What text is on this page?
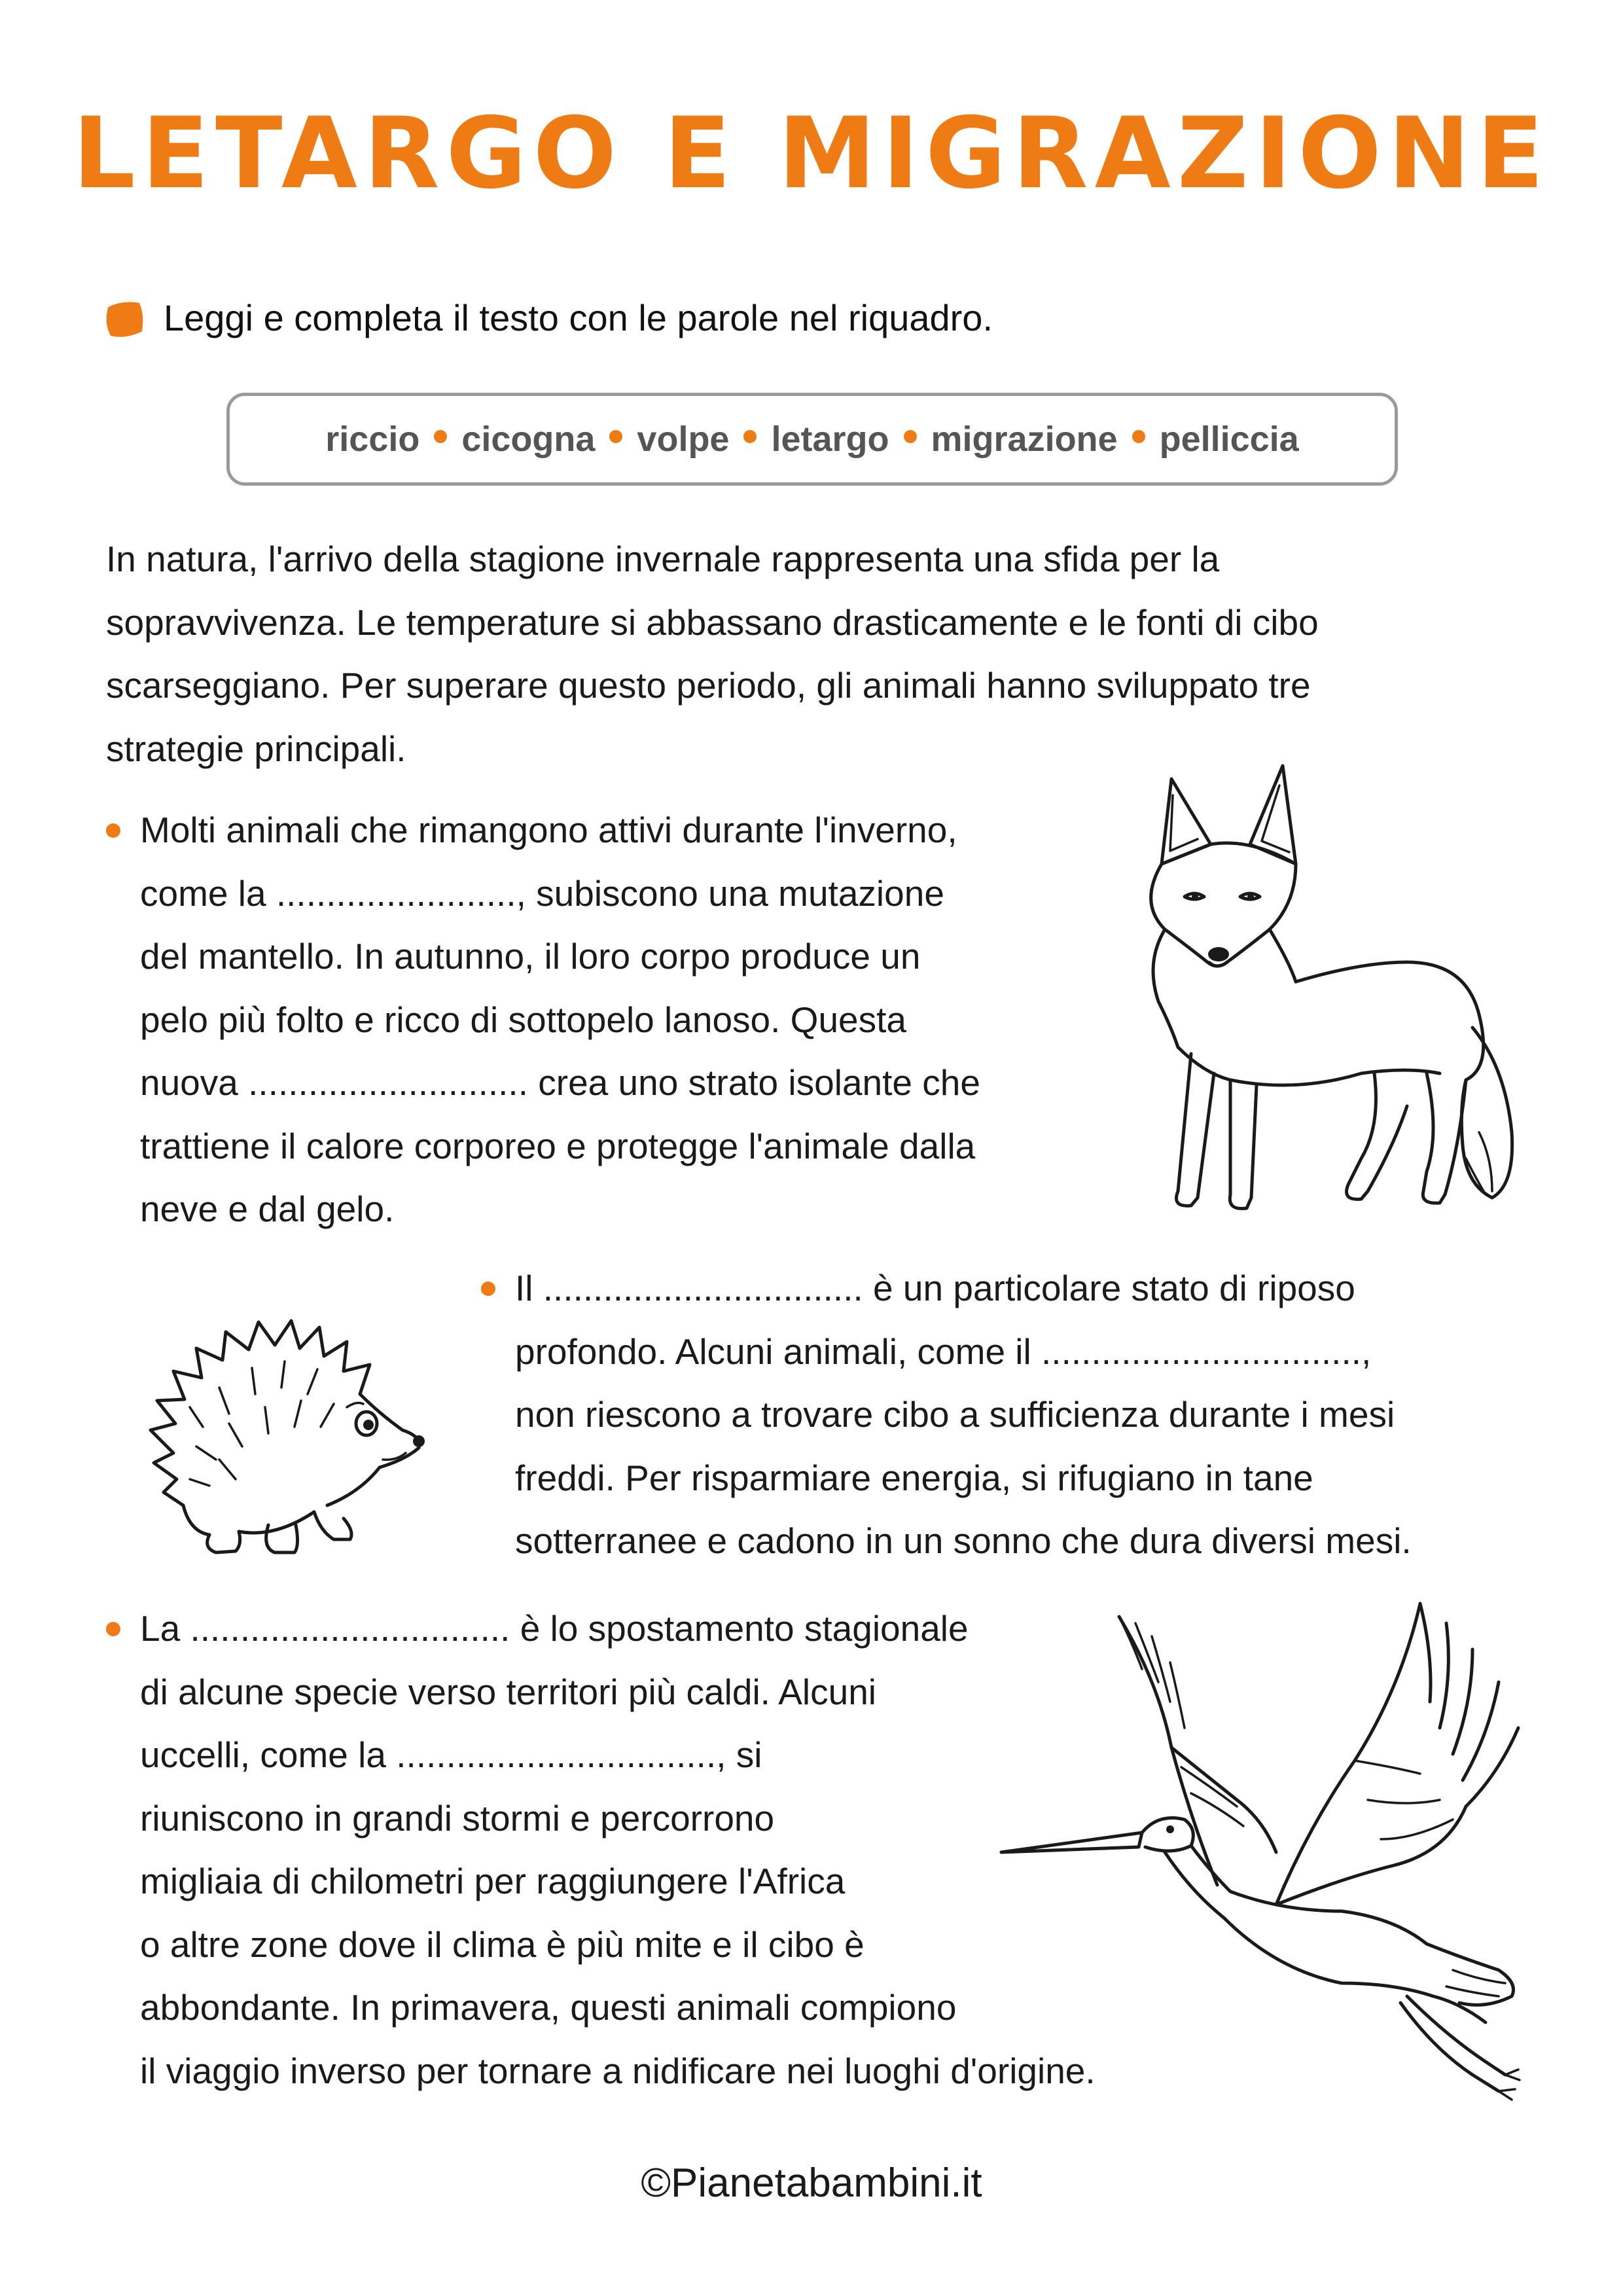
LETARGO E MIGRAZIONE
Leggi e completa il testo con le parole nel riquadro.
riccio cicogna volpe letargo migrazione pelliccia
In natura, l'arrivo della stagione invernale rappresenta una sfida per la
sopravvivenza. Le temperature si abbassano drasticamente e le fonti di cibo
scarseggiano. Per superare questo periodo, gli animali hanno sviluppato tre
strategie principali.
Molti animali che rimangono attivi durante l'inverno,
come la ........................, subiscono una mutazione
del mantello. In autunno, il loro corpo produce un
pelo più folto e ricco di sottopelo lanoso. Questa
nuova ............................ crea uno strato isolante che
trattiene il calore corporeo e protegge l'animale dalla
neve e dal gelo.
Il ................................ è un particolare stato di riposo
profondo. Alcuni animali, come il ................................,
non riescono a trovare cibo a sufficienza durante i mesi
freddi. Per risparmiare energia, si rifugiano in tane
sotterranee e cadono in un sonno che dura diversi mesi.
La ................................ è lo spostamento stagionale
di alcune specie verso territori più caldi. Alcuni
uccelli, come la ................................, si
riuniscono in grandi stormi e percorrono
migliaia di chilometri per raggiungere l'Africa
o altre zone dove il clima è più mite e il cibo è
abbondante. In primavera, questi animali compiono
il viaggio inverso per tornare a nidificare nei luoghi d'origine.
©Pianetabambini.it
